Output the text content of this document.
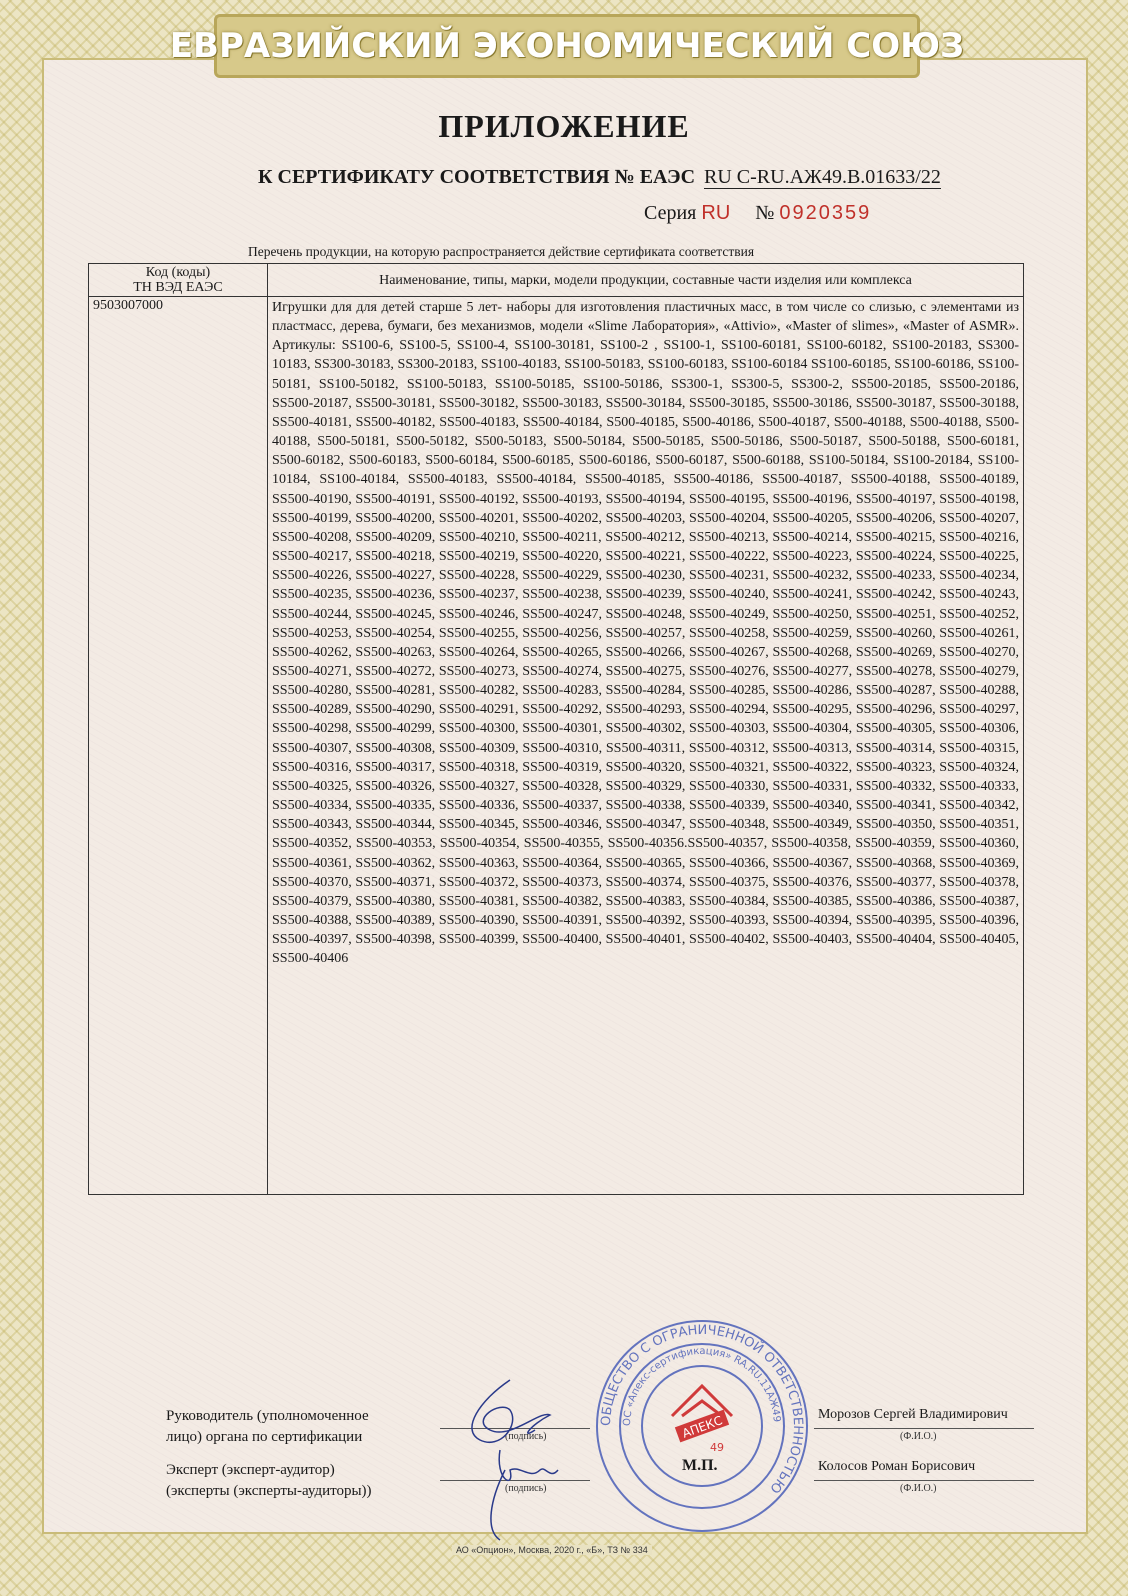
ЕВРАЗИЙСКИЙ ЭКОНОМИЧЕСКИЙ СОЮЗ
ПРИЛОЖЕНИЕ
К СЕРТИФИКАТУ СООТВЕТСТВИЯ № ЕАЭС RU C-RU.АЖ49.В.01633/22
Серия RU № 0920359
Перечень продукции, на которую распространяется действие сертификата соответствия
Код (коды)
ТН ВЭД ЕАЭС	Наименование, типы, марки, модели продукции, составные части изделия или комплекса
9503007000	Игрушки для для детей старше 5 лет- наборы для изготовления пластичных масс, в том числе со слизью, с элементами из пластмасс, дерева, бумаги, без механизмов, модели «Slime Лаборатория», «Attivio», «Master of slimes», «Master of ASMR». Артикулы: SS100-6, SS100-5, SS100-4, SS100-30181, SS100-2 , SS100-1, SS100-60181, SS100-60182, SS100-20183, SS300-10183, SS300-30183, SS300-20183, SS100-40183, SS100-50183, SS100-60183, SS100-60184 SS100-60185, SS100-60186, SS100-50181, SS100-50182, SS100-50183, SS100-50185, SS100-50186, SS300-1, SS300-5, SS300-2, SS500-20185, SS500-20186, SS500-20187, SS500-30181, SS500-30182, SS500-30183, SS500-30184, SS500-30185, SS500-30186, SS500-30187, SS500-30188, SS500-40181, SS500-40182, SS500-40183, SS500-40184, S500-40185, S500-40186, S500-40187, S500-40188, S500-40188, S500-40188, S500-50181, S500-50182, S500-50183, S500-50184, S500-50185, S500-50186, S500-50187, S500-50188, S500-60181, S500-60182, S500-60183, S500-60184, S500-60185, S500-60186, S500-60187, S500-60188, SS100-50184, SS100-20184, SS100-10184, SS100-40184, SS500-40183, SS500-40184, SS500-40185, SS500-40186, SS500-40187, SS500-40188, SS500-40189, SS500-40190, SS500-40191, SS500-40192, SS500-40193, SS500-40194, SS500-40195, SS500-40196, SS500-40197, SS500-40198, SS500-40199, SS500-40200, SS500-40201, SS500-40202, SS500-40203, SS500-40204, SS500-40205, SS500-40206, SS500-40207, SS500-40208, SS500-40209, SS500-40210, SS500-40211, SS500-40212, SS500-40213, SS500-40214, SS500-40215, SS500-40216, SS500-40217, SS500-40218, SS500-40219, SS500-40220, SS500-40221, SS500-40222, SS500-40223, SS500-40224, SS500-40225, SS500-40226, SS500-40227, SS500-40228, SS500-40229, SS500-40230, SS500-40231, SS500-40232, SS500-40233, SS500-40234, SS500-40235, SS500-40236, SS500-40237, SS500-40238, SS500-40239, SS500-40240, SS500-40241, SS500-40242, SS500-40243, SS500-40244, SS500-40245, SS500-40246, SS500-40247, SS500-40248, SS500-40249, SS500-40250, SS500-40251, SS500-40252, SS500-40253, SS500-40254, SS500-40255, SS500-40256, SS500-40257, SS500-40258, SS500-40259, SS500-40260, SS500-40261, SS500-40262, SS500-40263, SS500-40264, SS500-40265, SS500-40266, SS500-40267, SS500-40268, SS500-40269, SS500-40270, SS500-40271, SS500-40272, SS500-40273, SS500-40274, SS500-40275, SS500-40276, SS500-40277, SS500-40278, SS500-40279, SS500-40280, SS500-40281, SS500-40282, SS500-40283, SS500-40284, SS500-40285, SS500-40286, SS500-40287, SS500-40288, SS500-40289, SS500-40290, SS500-40291, SS500-40292, SS500-40293, SS500-40294, SS500-40295, SS500-40296, SS500-40297, SS500-40298, SS500-40299, SS500-40300, SS500-40301, SS500-40302, SS500-40303, SS500-40304, SS500-40305, SS500-40306, SS500-40307, SS500-40308, SS500-40309, SS500-40310, SS500-40311, SS500-40312, SS500-40313, SS500-40314, SS500-40315, SS500-40316, SS500-40317, SS500-40318, SS500-40319, SS500-40320, SS500-40321, SS500-40322, SS500-40323, SS500-40324, SS500-40325, SS500-40326, SS500-40327, SS500-40328, SS500-40329, SS500-40330, SS500-40331, SS500-40332, SS500-40333, SS500-40334, SS500-40335, SS500-40336, SS500-40337, SS500-40338, SS500-40339, SS500-40340, SS500-40341, SS500-40342, SS500-40343, SS500-40344, SS500-40345, SS500-40346, SS500-40347, SS500-40348, SS500-40349, SS500-40350, SS500-40351, SS500-40352, SS500-40353, SS500-40354, SS500-40355, SS500-40356.SS500-40357, SS500-40358, SS500-40359, SS500-40360, SS500-40361, SS500-40362, SS500-40363, SS500-40364, SS500-40365, SS500-40366, SS500-40367, SS500-40368, SS500-40369, SS500-40370, SS500-40371, SS500-40372, SS500-40373, SS500-40374, SS500-40375, SS500-40376, SS500-40377, SS500-40378, SS500-40379, SS500-40380, SS500-40381, SS500-40382, SS500-40383, SS500-40384, SS500-40385, SS500-40386, SS500-40387, SS500-40388, SS500-40389, SS500-40390, SS500-40391, SS500-40392, SS500-40393, SS500-40394, SS500-40395, SS500-40396, SS500-40397, SS500-40398, SS500-40399, SS500-40400, SS500-40401, SS500-40402, SS500-40403, SS500-40404, SS500-40405, SS500-40406
Руководитель (уполномоченное
лицо) органа по сертификации
Эксперт (эксперт-аудитор)
(эксперты (эксперты-аудиторы))
(подпись)
(подпись)
(Ф.И.О.)
(Ф.И.О.)
Морозов Сергей Владимирович
Колосов Роман Борисович
ОБЩЕСТВО С ОГРАНИЧЕННОЙ ОТВЕТСТВЕННОСТЬЮ
ОС «Апекс-сертификация» RA.RU.11АЖ49
АПЕКС
49
М.П.
АО «Опцион», Москва, 2020 г., «Б», ТЗ № 334
